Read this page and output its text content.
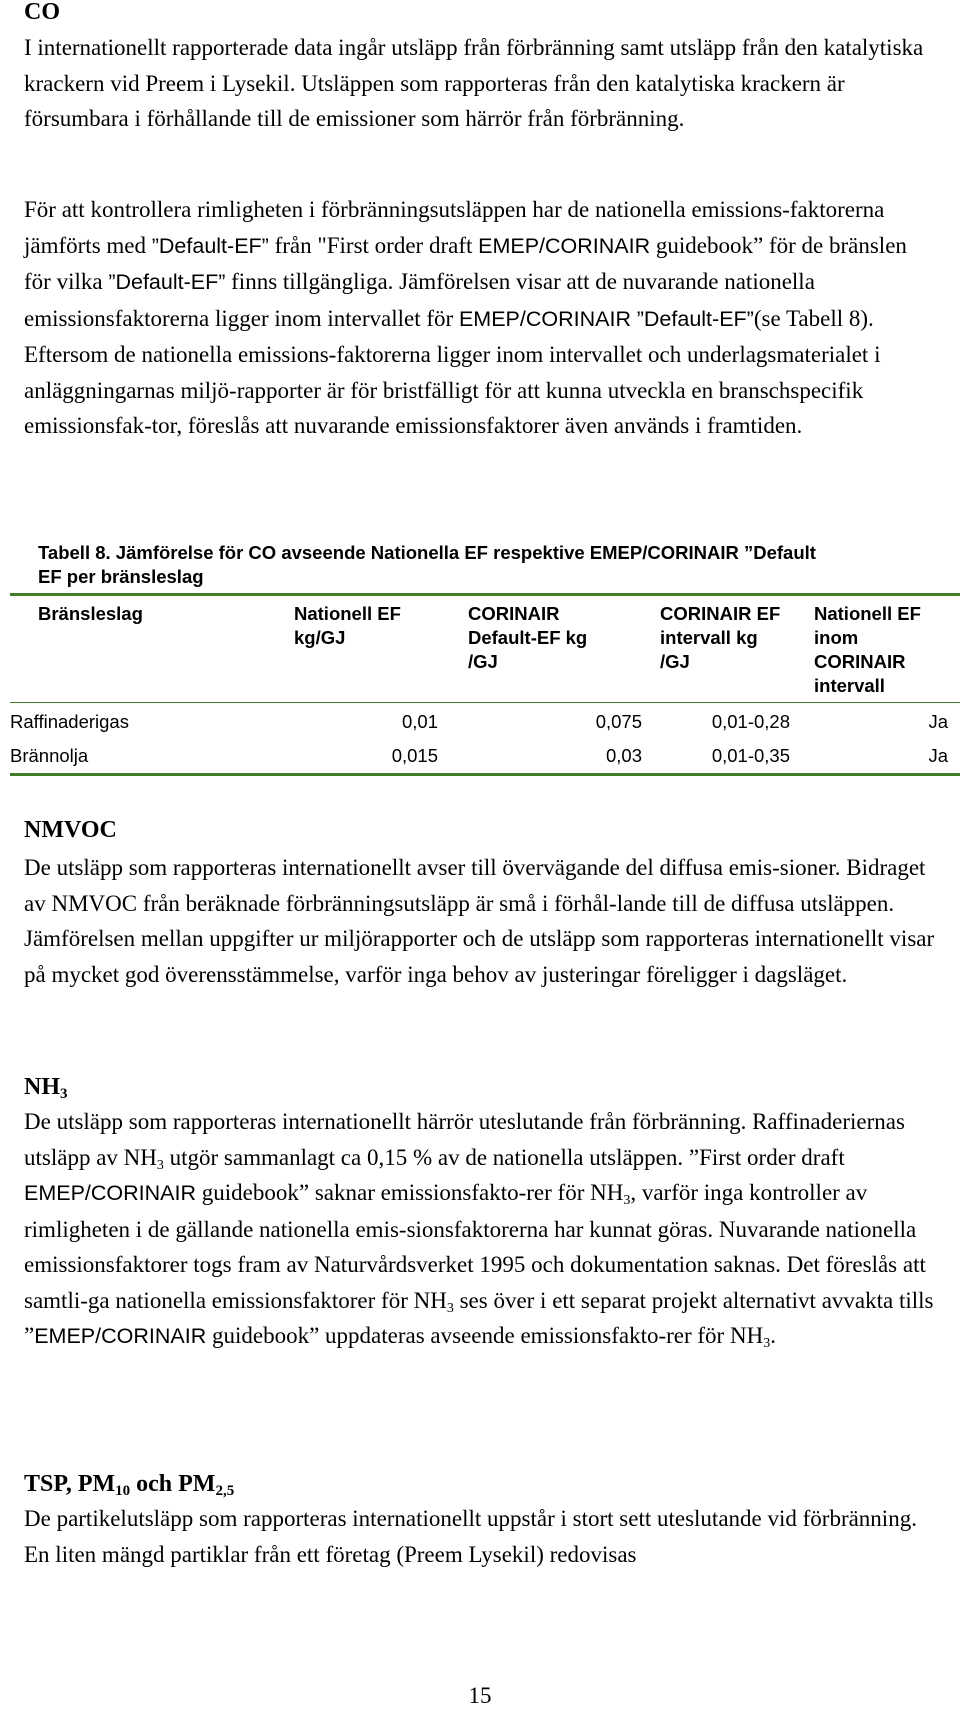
CO

I internationellt rapporterade data ingår utsläpp från förbränning samt utsläpp från den katalytiska krackern vid Preem i Lysekil. Utsläppen som rapporteras från den katalytiska krackern är försumbara i förhållande till de emissioner som härrör från förbränning.

För att kontrollera rimligheten i förbränningsutsläppen har de nationella emissions-faktorerna jämförts med ”Default-EF” från "First order draft EMEP/CORINAIR guidebook” för de bränslen för vilka ”Default-EF” finns tillgängliga. Jämförelsen visar att de nuvarande nationella emissionsfaktorerna ligger inom intervallet för EMEP/CORINAIR ”Default-EF”(se Tabell 8). Eftersom de nationella emissions-faktorerna ligger inom intervallet och underlagsmaterialet i anläggningarnas miljö-rapporter är för bristfälligt för att kunna utveckla en branschspecifik emissionsfak-tor, föreslås att nuvarande emissionsfaktorer även används i framtiden.

Tabell 8. Jämförelse för CO avseende Nationella EF respektive EMEP/CORINAIR ”Default
EF per bränsleslag
Bränsleslag	Nationell EF kg/GJ	CORINAIR Default-EF kg /GJ	CORINAIR EF intervall kg /GJ	Nationell EF inom CORINAIR intervall

Raffinaderigas	0,01	0,075	0,01-0,28	Ja
Brännolja	0,015	0,03	0,01-0,35	Ja
NMVOC

De utsläpp som rapporteras internationellt avser till övervägande del diffusa emis-sioner. Bidraget av NMVOC från beräknade förbränningsutsläpp är små i förhål-lande till de diffusa utsläppen. Jämförelsen mellan uppgifter ur miljörapporter och de utsläpp som rapporteras internationellt visar på mycket god överensstämmelse, varför inga behov av justeringar föreligger i dagsläget.

$NH_3$

De utsläpp som rapporteras internationellt härrör uteslutande från förbränning. Raffinaderiernas utsläpp av $NH_3$ utgör sammanlagt ca 0,15 % av de nationella utsläppen. ”First order draft EMEP/CORINAIR guidebook” saknar emissionsfakto-rer för $NH_3$, varför inga kontroller av rimligheten i de gällande nationella emis-sionsfaktorerna har kunnat göras. Nuvarande nationella emissionsfaktorer togs fram av Naturvårdsverket 1995 och dokumentation saknas. Det föreslås att samtli-ga nationella emissionsfaktorer för $NH_3$ ses över i ett separat projekt alternativt avvakta tills ”EMEP/CORINAIR guidebook” uppdateras avseende emissionsfakto-rer för $NH_3$.

TSP, $PM_{10}$ och $PM_{2,5}$

De partikelutsläpp som rapporteras internationellt uppstår i stort sett uteslutande vid förbränning. En liten mängd partiklar från ett företag (Preem Lysekil) redovisas

15
